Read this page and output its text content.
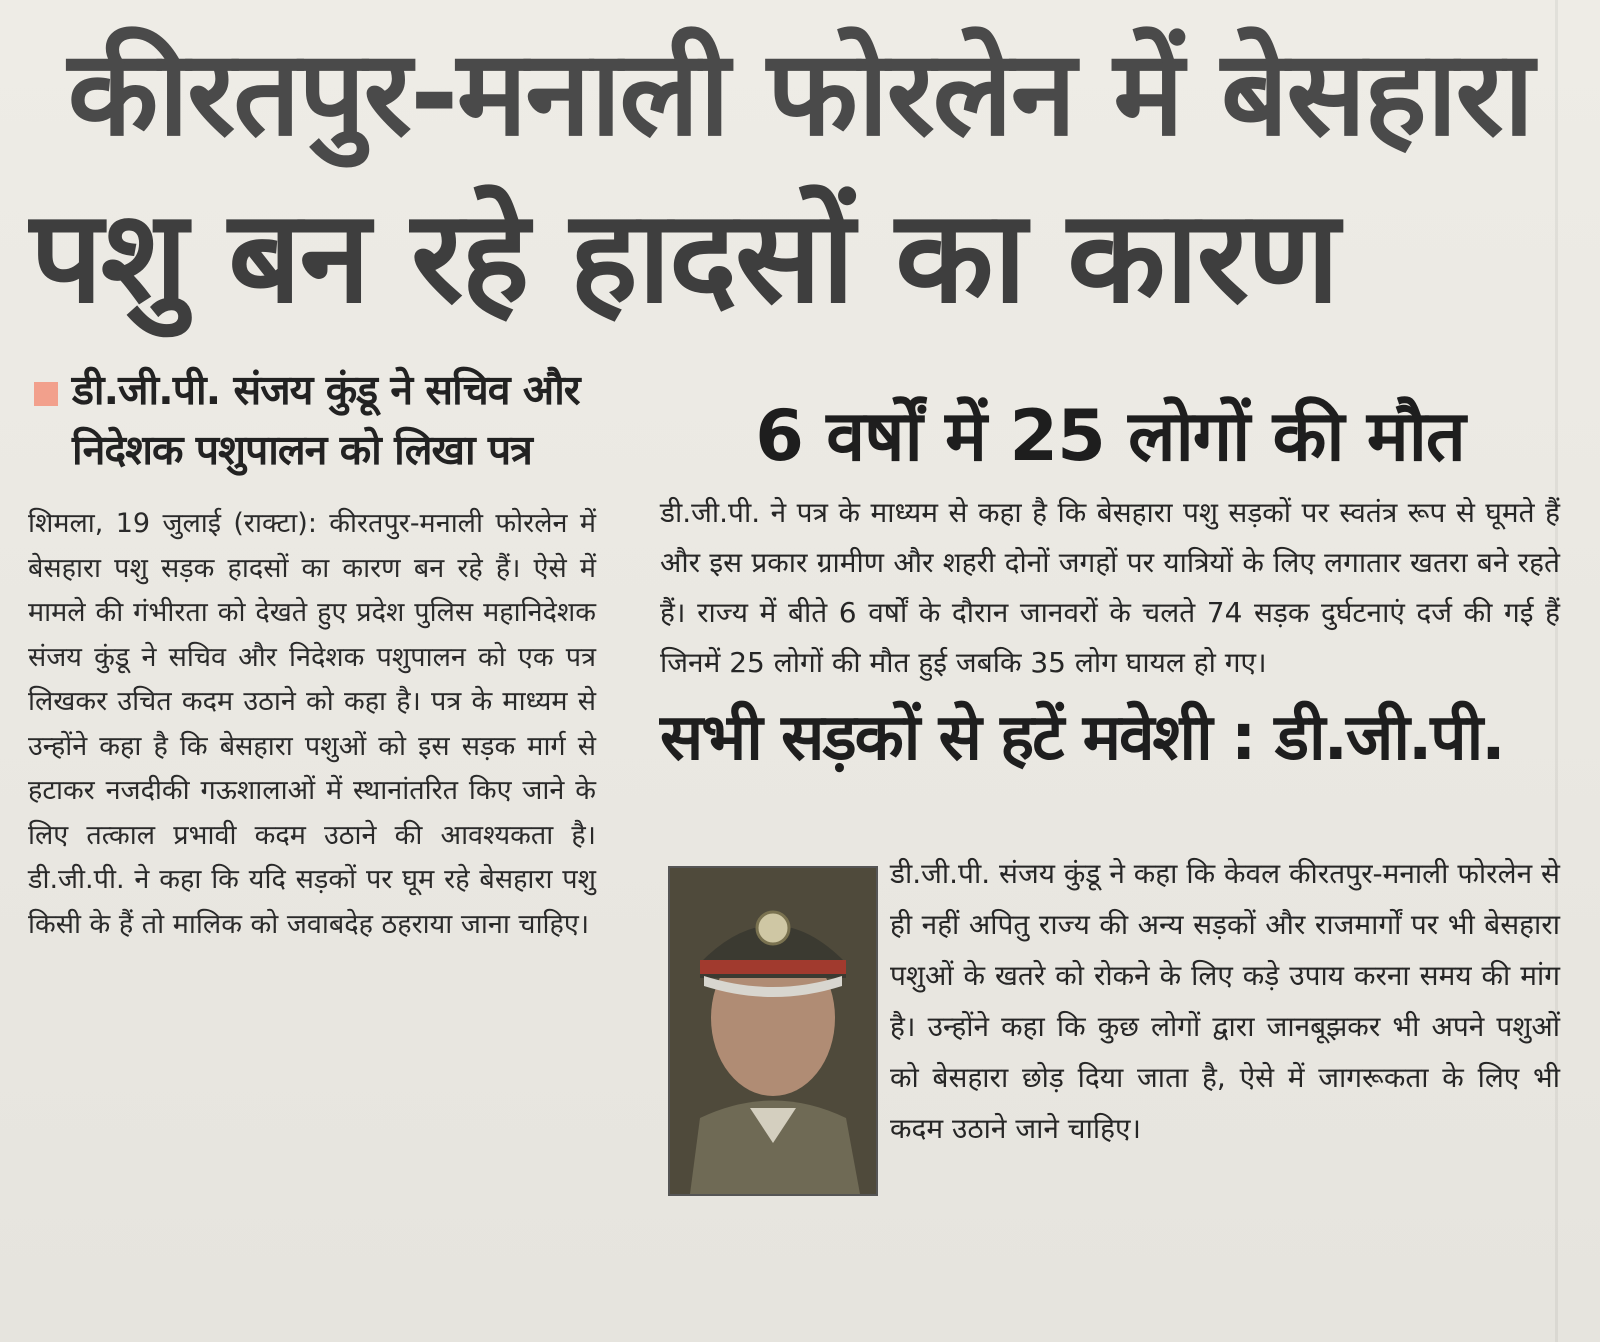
कीरतपुर-मनाली फोरलेन में बेसहारा
पशु बन रहे हादसों का कारण
डी.जी.पी. संजय कुंडू ने सचिव और निदेशक पशुपालन को लिखा पत्र
शिमला, 19 जुलाई (राक्टा): कीरतपुर-मनाली फोरलेन में बेसहारा पशु सड़क हादसों का कारण बन रहे हैं। ऐसे में मामले की गंभीरता को देखते हुए प्रदेश पुलिस महानिदेशक संजय कुंडू ने सचिव और निदेशक पशुपालन को एक पत्र लिखकर उचित कदम उठाने को कहा है। पत्र के माध्यम से उन्होंने कहा है कि बेसहारा पशुओं को इस सड़क मार्ग से हटाकर नजदीकी गऊशालाओं में स्थानांतरित किए जाने के लिए तत्काल प्रभावी कदम उठाने की आवश्यकता है। डी.जी.पी. ने कहा कि यदि सड़कों पर घूम रहे बेसहारा पशु किसी के हैं तो मालिक को जवाबदेह ठहराया जाना चाहिए।
6 वर्षों में 25 लोगों की मौत
डी.जी.पी. ने पत्र के माध्यम से कहा है कि बेसहारा पशु सड़कों पर स्वतंत्र रूप से घूमते हैं और इस प्रकार ग्रामीण और शहरी दोनों जगहों पर यात्रियों के लिए लगातार खतरा बने रहते हैं। राज्य में बीते 6 वर्षों के दौरान जानवरों के चलते 74 सड़क दुर्घटनाएं दर्ज की गई हैं जिनमें 25 लोगों की मौत हुई जबकि 35 लोग घायल हो गए।
सभी सड़कों से हटें मवेशी : डी.जी.पी.
डी.जी.पी. संजय कुंडू ने कहा कि केवल कीरतपुर-मनाली फोरलेन से ही नहीं अपितु राज्य की अन्य सड़कों और राजमार्गों पर भी बेसहारा पशुओं के खतरे को रोकने के लिए कड़े उपाय करना समय की मांग है। उन्होंने कहा कि कुछ लोगों द्वारा जानबूझकर भी अपने पशुओं को बेसहारा छोड़ दिया जाता है, ऐसे में जागरूकता के लिए भी कदम उठाने जाने चाहिए।
